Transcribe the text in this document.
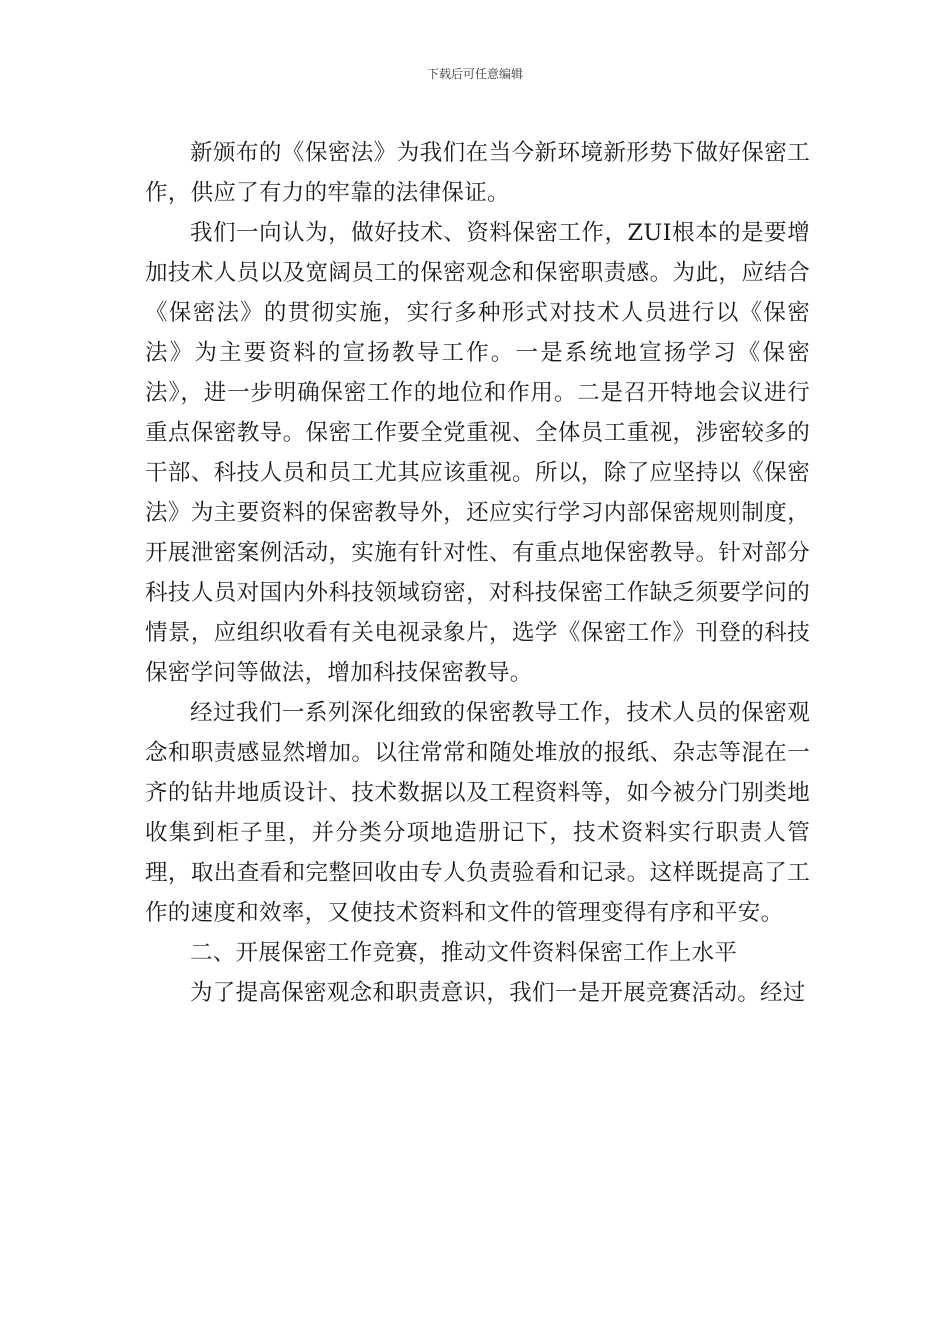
下载后可任意编辑

新颁布的《保密法》为我们在当今新环境新形势下做好保密工作，供应了有力的牢靠的法律保证。

我们一向认为，做好技术、资料保密工作，ZUI根本的是要增加技术人员以及宽阔员工的保密观念和保密职责感。为此，应结合《保密法》的贯彻实施，实行多种形式对技术人员进行以《保密法》为主要资料的宣扬教导工作。一是系统地宣扬学习《保密法》，进一步明确保密工作的地位和作用。二是召开特地会议进行重点保密教导。保密工作要全党重视、全体员工重视，涉密较多的干部、科技人员和员工尤其应该重视。所以，除了应坚持以《保密法》为主要资料的保密教导外，还应实行学习内部保密规则制度，开展泄密案例活动，实施有针对性、有重点地保密教导。针对部分科技人员对国内外科技领域窃密，对科技保密工作缺乏须要学问的情景，应组织收看有关电视录象片，选学《保密工作》刊登的科技保密学问等做法，增加科技保密教导。

经过我们一系列深化细致的保密教导工作，技术人员的保密观念和职责感显然增加。以往常常和随处堆放的报纸、杂志等混在一齐的钻井地质设计、技术数据以及工程资料等，如今被分门别类地收集到柜子里，并分类分项地造册记下，技术资料实行职责人管理，取出查看和完整回收由专人负责验看和记录。这样既提高了工作的速度和效率，又使技术资料和文件的管理变得有序和平安。

二、开展保密工作竞赛，推动文件资料保密工作上水平

为了提高保密观念和职责意识，我们一是开展竞赛活动。经过
